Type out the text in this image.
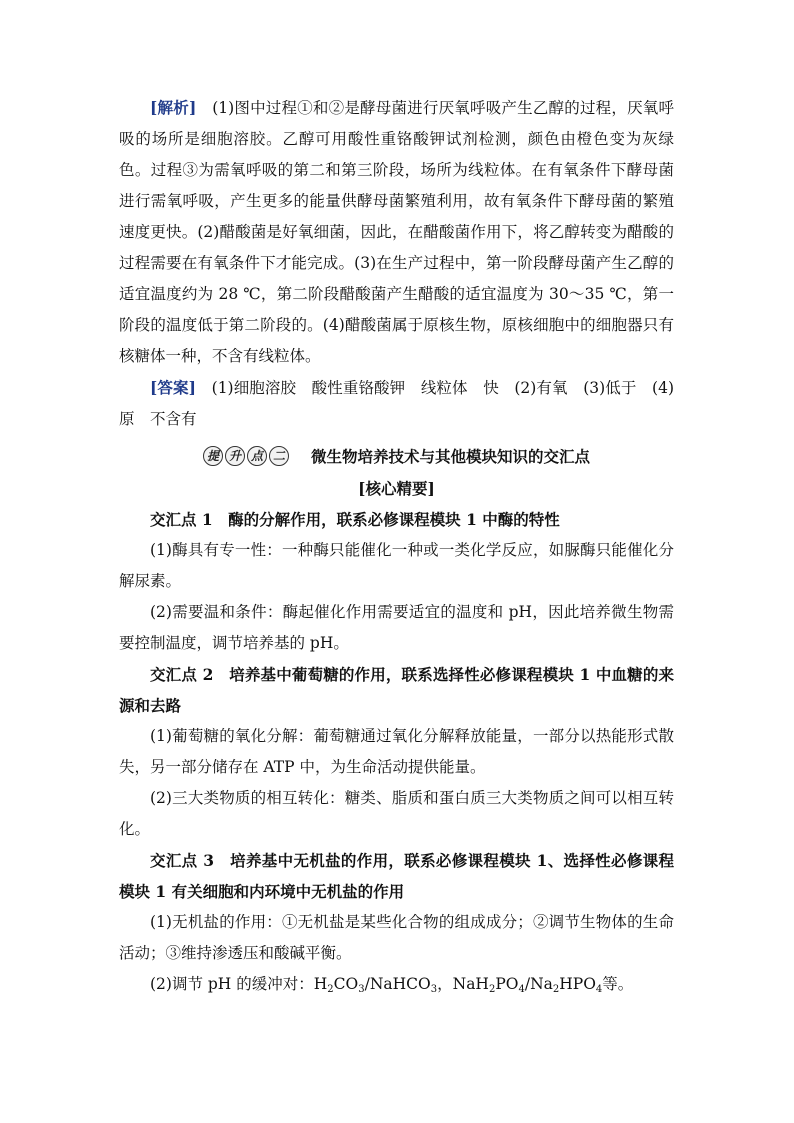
[解析]　(1)图中过程①和②是酵母菌进行厌氧呼吸产生乙醇的过程，厌氧呼吸的场所是细胞溶胶。乙醇可用酸性重铬酸钾试剂检测，颜色由橙色变为灰绿色。过程③为需氧呼吸的第二和第三阶段，场所为线粒体。在有氧条件下酵母菌进行需氧呼吸，产生更多的能量供酵母菌繁殖利用，故有氧条件下酵母菌的繁殖速度更快。(2)醋酸菌是好氧细菌，因此，在醋酸菌作用下，将乙醇转变为醋酸的过程需要在有氧条件下才能完成。(3)在生产过程中，第一阶段酵母菌产生乙醇的适宜温度约为 28 ℃，第二阶段醋酸菌产生醋酸的适宜温度为 30～35 ℃，第一阶段的温度低于第二阶段的。(4)醋酸菌属于原核生物，原核细胞中的细胞器只有核糖体一种，不含有线粒体。

[答案]　(1)细胞溶胶　酸性重铬酸钾　线粒体　快　(2)有氧　(3)低于　(4)原　不含有

提 升 点 二 微生物培养技术与其他模块知识的交汇点
[核心精要]

交汇点 1　酶的分解作用，联系必修课程模块 1 中酶的特性

(1)酶具有专一性：一种酶只能催化一种或一类化学反应，如脲酶只能催化分解尿素。

(2)需要温和条件：酶起催化作用需要适宜的温度和 pH，因此培养微生物需要控制温度，调节培养基的 pH。

交汇点 2　培养基中葡萄糖的作用，联系选择性必修课程模块 1 中血糖的来源和去路

(1)葡萄糖的氧化分解：葡萄糖通过氧化分解释放能量，一部分以热能形式散失，另一部分储存在 ATP 中，为生命活动提供能量。

(2)三大类物质的相互转化：糖类、脂质和蛋白质三大类物质之间可以相互转化。

交汇点 3　培养基中无机盐的作用，联系必修课程模块 1、选择性必修课程模块 1 有关细胞和内环境中无机盐的作用

(1)无机盐的作用：①无机盐是某些化合物的组成成分；②调节生物体的生命活动；③维持渗透压和酸碱平衡。

(2)调节 pH 的缓冲对：$H_2CO_3/NaHCO_3$，$NaH_2PO_4/Na_2HPO_4$等。
